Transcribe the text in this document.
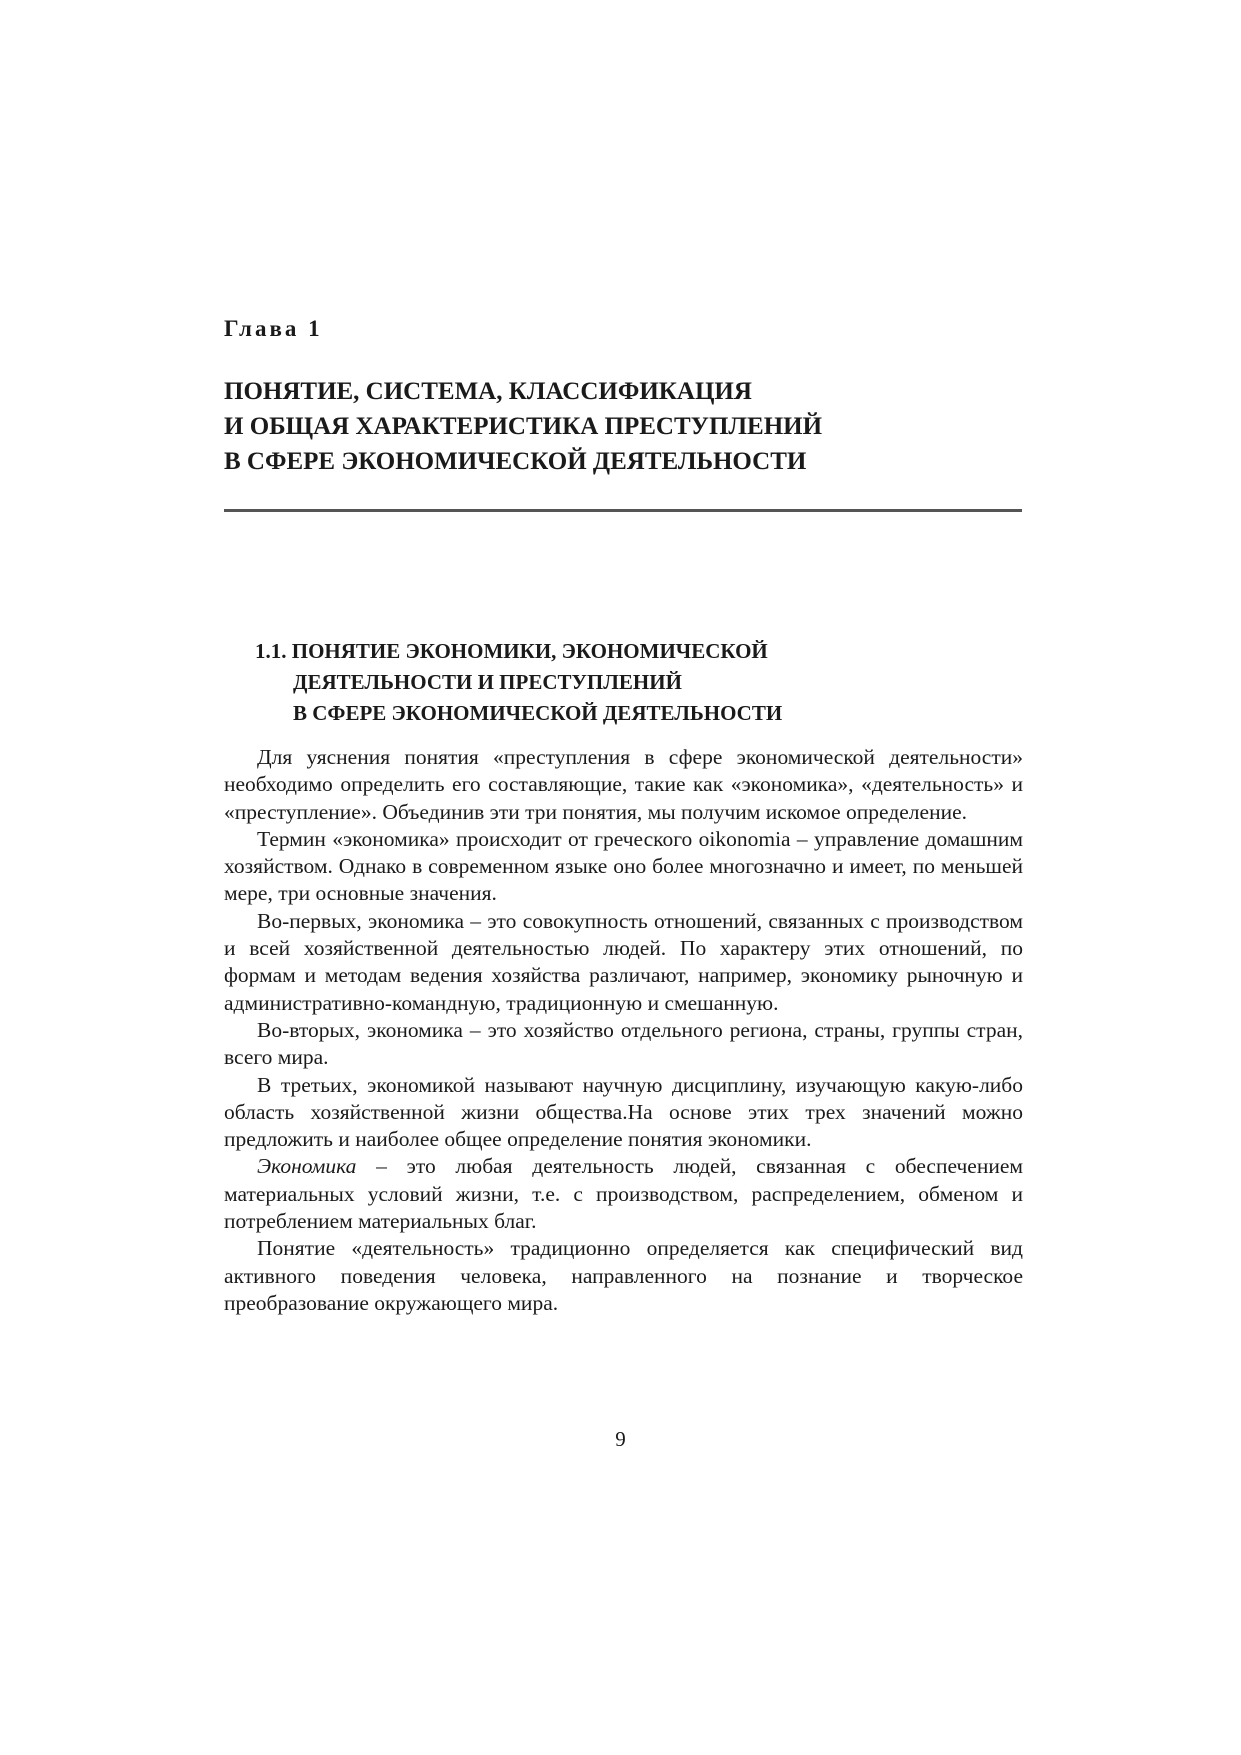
Глава 1
ПОНЯТИЕ, СИСТЕМА, КЛАССИФИКАЦИЯ
И ОБЩАЯ ХАРАКТЕРИСТИКА ПРЕСТУПЛЕНИЙ
В СФЕРЕ ЭКОНОМИЧЕСКОЙ ДЕЯТЕЛЬНОСТИ
1.1. ПОНЯТИЕ ЭКОНОМИКИ, ЭКОНОМИЧЕСКОЙ
ДЕЯТЕЛЬНОСТИ И ПРЕСТУПЛЕНИЙ
В СФЕРЕ ЭКОНОМИЧЕСКОЙ ДЕЯТЕЛЬНОСТИ

Для уяснения понятия «преступления в сфере экономической деятельности» необходимо определить его составляющие, такие как «экономика», «деятельность» и «преступление». Объединив эти три понятия, мы получим искомое определение.

Термин «экономика» происходит от греческого oikonomia – управление домашним хозяйством. Однако в современном языке оно более многозначно и имеет, по меньшей мере, три основные значения.

Во-первых, экономика – это совокупность отношений, связанных с производством и всей хозяйственной деятельностью людей. По характеру этих отношений, по формам и методам ведения хозяйства различают, например, экономику рыночную и административно-командную, традиционную и смешанную.

Во-вторых, экономика – это хозяйство отдельного региона, страны, группы стран, всего мира.

В третьих, экономикой называют научную дисциплину, изучающую какую-либо область хозяйственной жизни общества.На основе этих трех значений можно предложить и наиболее общее определение понятия экономики.

Экономика – это любая деятельность людей, связанная с обеспечением материальных условий жизни, т.е. с производством, распределением, обменом и потреблением материальных благ.

Понятие «деятельность» традиционно определяется как специфический вид активного поведения человека, направленного на познание и творческое преобразование окружающего мира.

9
